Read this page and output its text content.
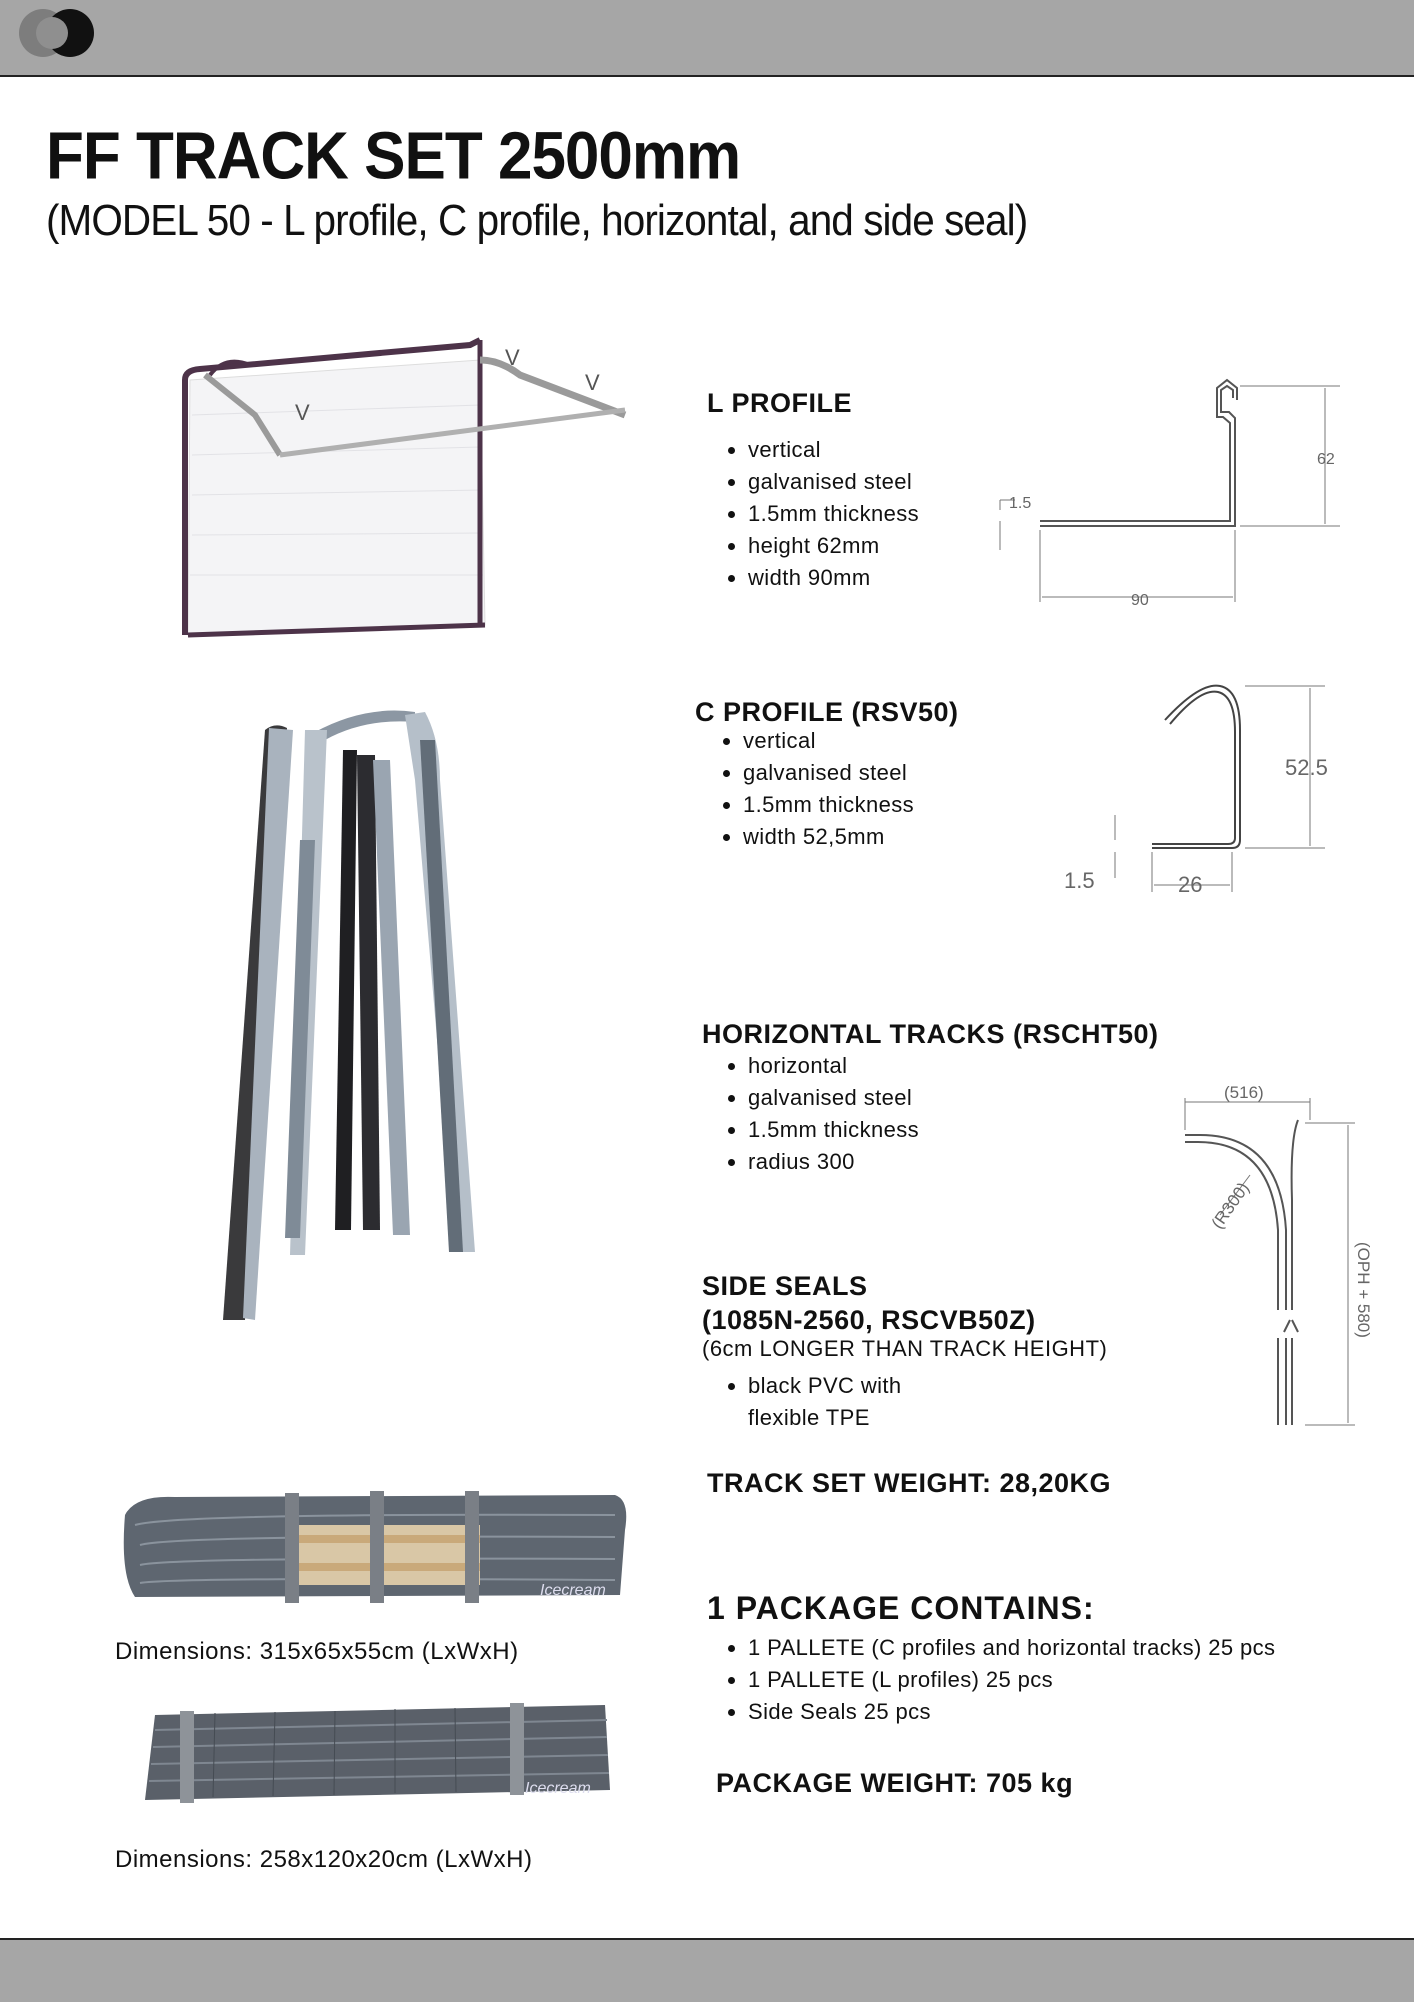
FF TRACK SET 2500mm
(MODEL 50 - L profile, C profile, horizontal, and side seal)
V
V
V	L PROFILE
• vertical
• galvanised steel
• 1.5mm thickness
• height 62mm
• width 90mm
62
90
1.5
C PROFILE (RSV50)
• vertical
• galvanised steel
• 1.5mm thickness
• width 52,5mm
52.5
26
1.5
HORIZONTAL TRACKS (RSCHT50)
• horizontal
• galvanised steel
• 1.5mm thickness
• radius 300
(516)
(R300)
(OPH + 580)
SIDE SEALS
(1085N-2560, RSCVB50Z)
(6cm LONGER THAN TRACK HEIGHT)
• black PVC with
flexible TPE
TRACK SET WEIGHT: 28,20KG
Icecream
Dimensions: 315x65x55cm (LxWxH)
Icecream
Dimensions: 258x120x20cm (LxWxH)
1 PACKAGE CONTAINS:
• 1 PALLETE (C profiles and horizontal tracks) 25 pcs
• 1 PALLETE (L profiles) 25 pcs
• Side Seals 25 pcs
PACKAGE WEIGHT: 705 kg
